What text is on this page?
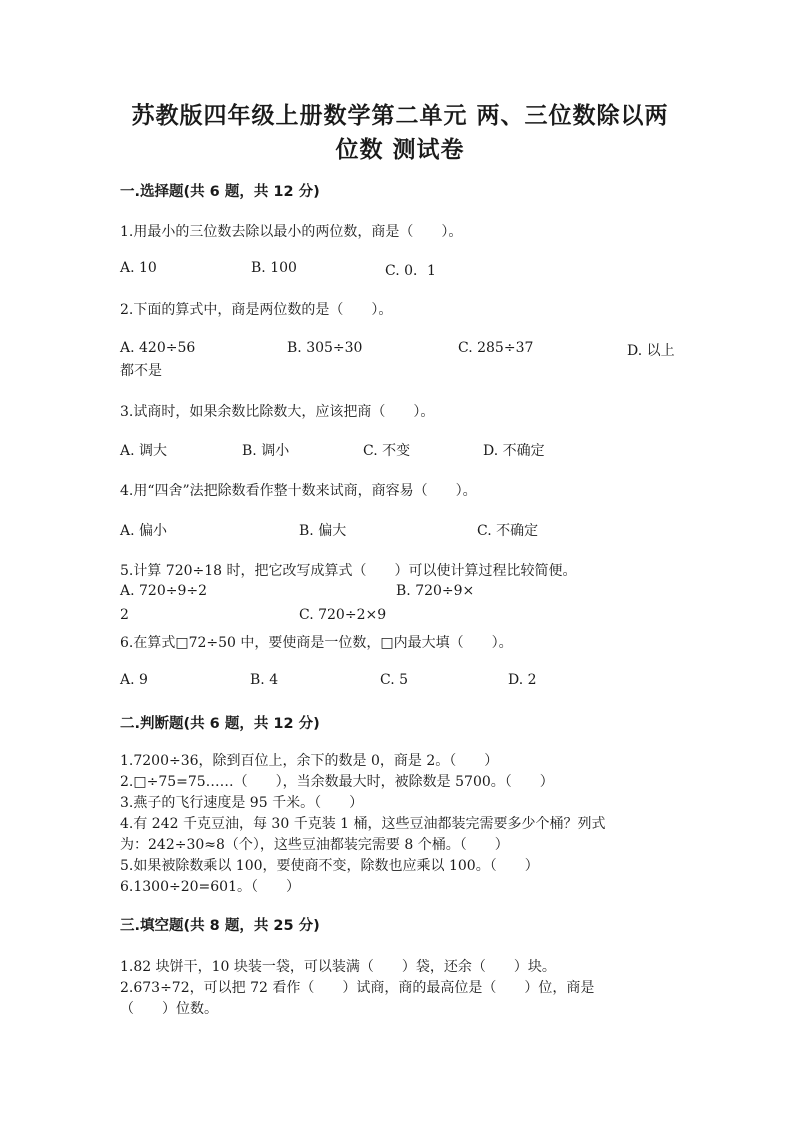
苏教版四年级上册数学第二单元 两、三位数除以两
位数 测试卷
一.选择题(共 6 题，共 12 分)
1.用最小的三位数去除以最小的两位数，商是（　　）。
A. 10	B. 100	C. 0．1
2.下面的算式中，商是两位数的是（　　）。
A. 420÷56	B. 305÷30	C. 285÷37	D. 以上
都不是
3.试商时，如果余数比除数大，应该把商（　　）。
A. 调大	B. 调小	C. 不变	D. 不确定
4.用“四舍”法把除数看作整十数来试商，商容易（　　）。
A. 偏小	B. 偏大	C. 不确定
5.计算 720÷18 时，把它改写成算式（　　）可以使计算过程比较简便。
A. 720÷9÷2	B. 720÷9×
2	C. 720÷2×9
6.在算式□72÷50 中，要使商是一位数，□内最大填（　　）。
A. 9	B. 4	C. 5	D. 2
二.判断题(共 6 题，共 12 分)
1.7200÷36，除到百位上，余下的数是 0，商是 2。（　　）
2.□÷75=75……（　　），当余数最大时，被除数是 5700。（　　）
3.燕子的飞行速度是 95 千米。（　　）
4.有 242 千克豆油，每 30 千克装 1 桶，这些豆油都装完需要多少个桶？列式
为：242÷30≈8（个），这些豆油都装完需要 8 个桶。（　　）
5.如果被除数乘以 100，要使商不变，除数也应乘以 100。（　　）
6.1300÷20=601。（　　）
三.填空题(共 8 题，共 25 分)
1.82 块饼干，10 块装一袋，可以装满（　　）袋，还余（　　）块。
2.673÷72，可以把 72 看作（　　）试商，商的最高位是（　　）位，商是
（　　）位数。
